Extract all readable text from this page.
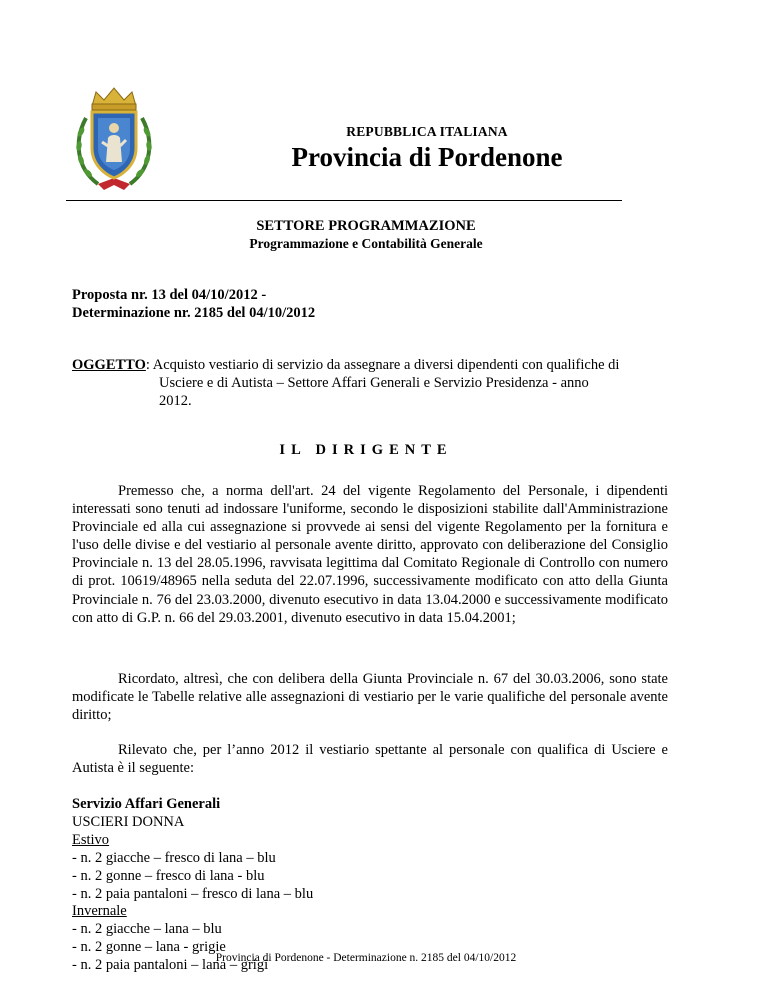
REPUBBLICA ITALIANA
Provincia di Pordenone
SETTORE PROGRAMMAZIONE
Programmazione e Contabilità Generale
Proposta nr. 13 del 04/10/2012 -
Determinazione nr. 2185 del 04/10/2012
OGGETTO: Acquisto vestiario di servizio da assegnare a diversi dipendenti con qualifiche di
Usciere e di Autista – Settore Affari Generali e Servizio Presidenza - anno
2012.
IL DIRIGENTE

Premesso che, a norma dell'art. 24 del vigente Regolamento del Personale, i dipendenti interessati sono tenuti ad indossare l'uniforme, secondo le disposizioni stabilite dall'Amministrazione Provinciale ed alla cui assegnazione si provvede ai sensi del vigente Regolamento per la fornitura e l'uso delle divise e del vestiario al personale avente diritto, approvato con deliberazione del Consiglio Provinciale n. 13 del 28.05.1996, ravvisata legittima dal Comitato Regionale di Controllo con numero di prot. 10619/48965 nella seduta del 22.07.1996, successivamente modificato con atto della Giunta Provinciale n. 76 del 23.03.2000, divenuto esecutivo in data 13.04.2000 e successivamente modificato con atto di G.P. n. 66 del 29.03.2001, divenuto esecutivo in data 15.04.2001;

Ricordato, altresì, che con delibera della Giunta Provinciale n. 67 del 30.03.2006, sono state modificate le Tabelle relative alle assegnazioni di vestiario per le varie qualifiche del personale avente diritto;

Rilevato che, per l’anno 2012 il vestiario spettante al personale con qualifica di Usciere e Autista è il seguente:

Servizio Affari Generali
USCIERI DONNA
Estivo
- n. 2 giacche – fresco di lana – blu
- n. 2 gonne – fresco di lana - blu
- n. 2 paia pantaloni – fresco di lana – blu
Invernale
- n. 2 giacche – lana – blu
- n. 2 gonne – lana - grigie
- n. 2 paia pantaloni – lana – grigi
Provincia di Pordenone - Determinazione n. 2185 del 04/10/2012
